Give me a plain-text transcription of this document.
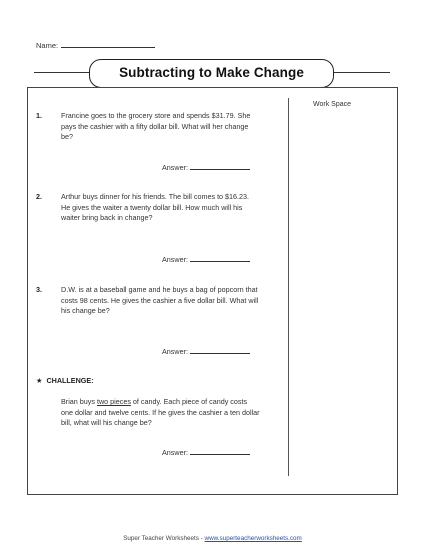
Name:
Subtracting to Make Change
Work Space
1.	Francine goes to the grocery store and spends $31.79. She pays the cashier with a fifty dollar bill. What will her change be?
Answer:
2.	Arthur buys dinner for his friends. The bill comes to $16.23. He gives the waiter a twenty dollar bill. How much will his waiter bring back in change?
Answer:
3.	D.W. is at a baseball game and he buys a bag of popcorn that costs 98 cents. He gives the cashier a five dollar bill. What will his change be?
Answer:
★ CHALLENGE:
Brian buys two pieces of candy. Each piece of candy costs one dollar and twelve cents. If he gives the cashier a ten dollar bill, what will his change be?
Answer:
Super Teacher Worksheets - www.superteacherworksheets.com
